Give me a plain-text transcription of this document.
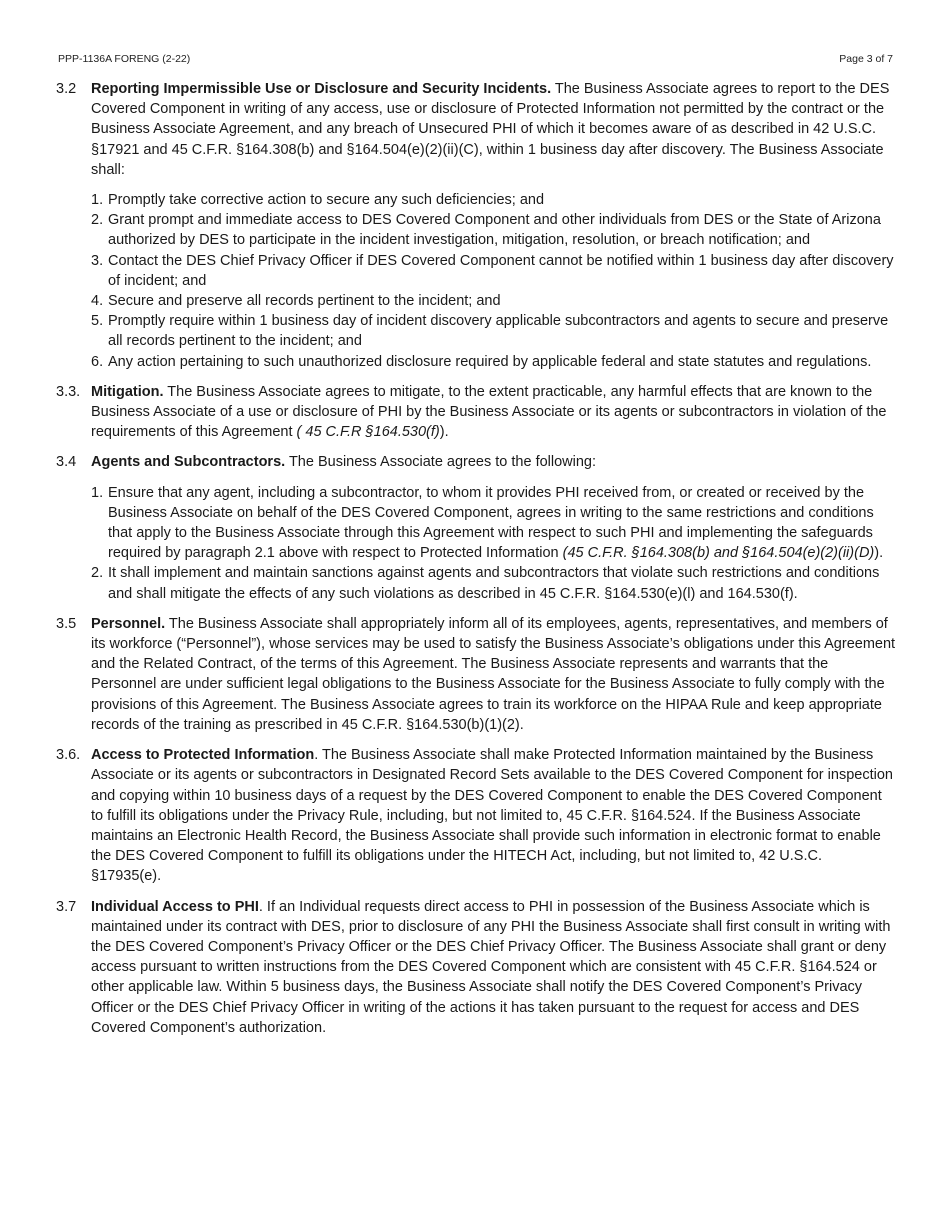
PPP-1136A FORENG (2-22)	Page 3 of 7
3.2	Reporting Impermissible Use or Disclosure and Security Incidents. The Business Associate agrees to report to the DES Covered Component in writing of any access, use or disclosure of Protected Information not permitted by the contract or the Business Associate Agreement, and any breach of Unsecured PHI of which it becomes aware of as described in 42 U.S.C. §17921 and 45 C.F.R. §164.308(b) and §164.504(e)(2)(ii)(C), within 1 business day after discovery. The Business Associate shall:

1. Promptly take corrective action to secure any such deficiencies; and
2. Grant prompt and immediate access to DES Covered Component and other individuals from DES or the State of Arizona authorized by DES to participate in the incident investigation, mitigation, resolution, or breach notification; and
3. Contact the DES Chief Privacy Officer if DES Covered Component cannot be notified within 1 business day after discovery of incident; and
4. Secure and preserve all records pertinent to the incident; and
5. Promptly require within 1 business day of incident discovery applicable subcontractors and agents to secure and preserve all records pertinent to the incident; and
6. Any action pertaining to such unauthorized disclosure required by applicable federal and state statutes and regulations.
3.3. Mitigation. The Business Associate agrees to mitigate, to the extent practicable, any harmful effects that are known to the Business Associate of a use or disclosure of PHI by the Business Associate or its agents or subcontractors in violation of the requirements of this Agreement ( 45 C.F.R §164.530(f)).

3.4	Agents and Subcontractors. The Business Associate agrees to the following:

1. Ensure that any agent, including a subcontractor, to whom it provides PHI received from, or created or received by the Business Associate on behalf of the DES Covered Component, agrees in writing to the same restrictions and conditions that apply to the Business Associate through this Agreement with respect to such PHI and implementing the safeguards required by paragraph 2.1 above with respect to Protected Information (45 C.F.R. §164.308(b) and §164.504(e)(2)(ii)(D)).
2. It shall implement and maintain sanctions against agents and subcontractors that violate such restrictions and conditions and shall mitigate the effects of any such violations as described in 45 C.F.R. §164.530(e)(l) and 164.530(f).
3.5	Personnel. The Business Associate shall appropriately inform all of its employees, agents, representatives, and members of its workforce (“Personnel”), whose services may be used to satisfy the Business Associate’s obligations under this Agreement and the Related Contract, of the terms of this Agreement. The Business Associate represents and warrants that the Personnel are under sufficient legal obligations to the Business Associate for the Business Associate to fully comply with the provisions of this Agreement. The Business Associate agrees to train its workforce on the HIPAA Rule and keep appropriate records of the training as prescribed in 45 C.F.R. §164.530(b)(1)(2).

3.6. Access to Protected Information. The Business Associate shall make Protected Information maintained by the Business Associate or its agents or subcontractors in Designated Record Sets available to the DES Covered Component for inspection and copying within 10 business days of a request by the DES Covered Component to enable the DES Covered Component to fulfill its obligations under the Privacy Rule, including, but not limited to, 45 C.F.R. §164.524. If the Business Associate maintains an Electronic Health Record, the Business Associate shall provide such information in electronic format to enable the DES Covered Component to fulfill its obligations under the HITECH Act, including, but not limited to, 42 U.S.C. §17935(e).

3.7	Individual Access to PHI. If an Individual requests direct access to PHI in possession of the Business Associate which is maintained under its contract with DES, prior to disclosure of any PHI the Business Associate shall first consult in writing with the DES Covered Component’s Privacy Officer or the DES Chief Privacy Officer. The Business Associate shall grant or deny access pursuant to written instructions from the DES Covered Component which are consistent with 45 C.F.R. §164.524 or other applicable law. Within 5 business days, the Business Associate shall notify the DES Covered Component’s Privacy Officer or the DES Chief Privacy Officer in writing of the actions it has taken pursuant to the request for access and DES Covered Component’s authorization.
